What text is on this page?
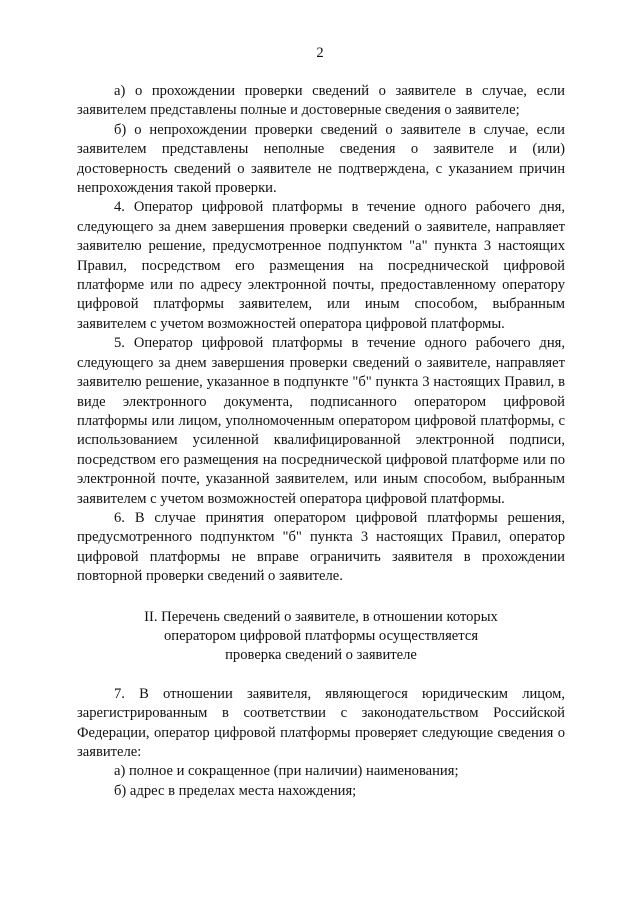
2

а) о прохождении проверки сведений о заявителе в случае, если заявителем представлены полные и достоверные сведения о заявителе;

б) о непрохождении проверки сведений о заявителе в случае, если заявителем представлены неполные сведения о заявителе и (или) достоверность сведений о заявителе не подтверждена, с указанием причин непрохождения такой проверки.

4. Оператор цифровой платформы в течение одного рабочего дня, следующего за днем завершения проверки сведений о заявителе, направляет заявителю решение, предусмотренное подпунктом "а" пункта 3 настоящих Правил, посредством его размещения на посреднической цифровой платформе или по адресу электронной почты, предоставленному оператору цифровой платформы заявителем, или иным способом, выбранным заявителем с учетом возможностей оператора цифровой платформы.

5. Оператор цифровой платформы в течение одного рабочего дня, следующего за днем завершения проверки сведений о заявителе, направляет заявителю решение, указанное в подпункте "б" пункта 3 настоящих Правил, в виде электронного документа, подписанного оператором цифровой платформы или лицом, уполномоченным оператором цифровой платформы, с использованием усиленной квалифицированной электронной подписи, посредством его размещения на посреднической цифровой платформе или по электронной почте, указанной заявителем, или иным способом, выбранным заявителем с учетом возможностей оператора цифровой платформы.

6. В случае принятия оператором цифровой платформы решения, предусмотренного подпунктом "б" пункта 3 настоящих Правил, оператор цифровой платформы не вправе ограничить заявителя в прохождении повторной проверки сведений о заявителе.

II. Перечень сведений о заявителе, в отношении которых
оператором цифровой платформы осуществляется
проверка сведений о заявителе

7. В отношении заявителя, являющегося юридическим лицом, зарегистрированным в соответствии с законодательством Российской Федерации, оператор цифровой платформы проверяет следующие сведения о заявителе:

а) полное и сокращенное (при наличии) наименования;

б) адрес в пределах места нахождения;
